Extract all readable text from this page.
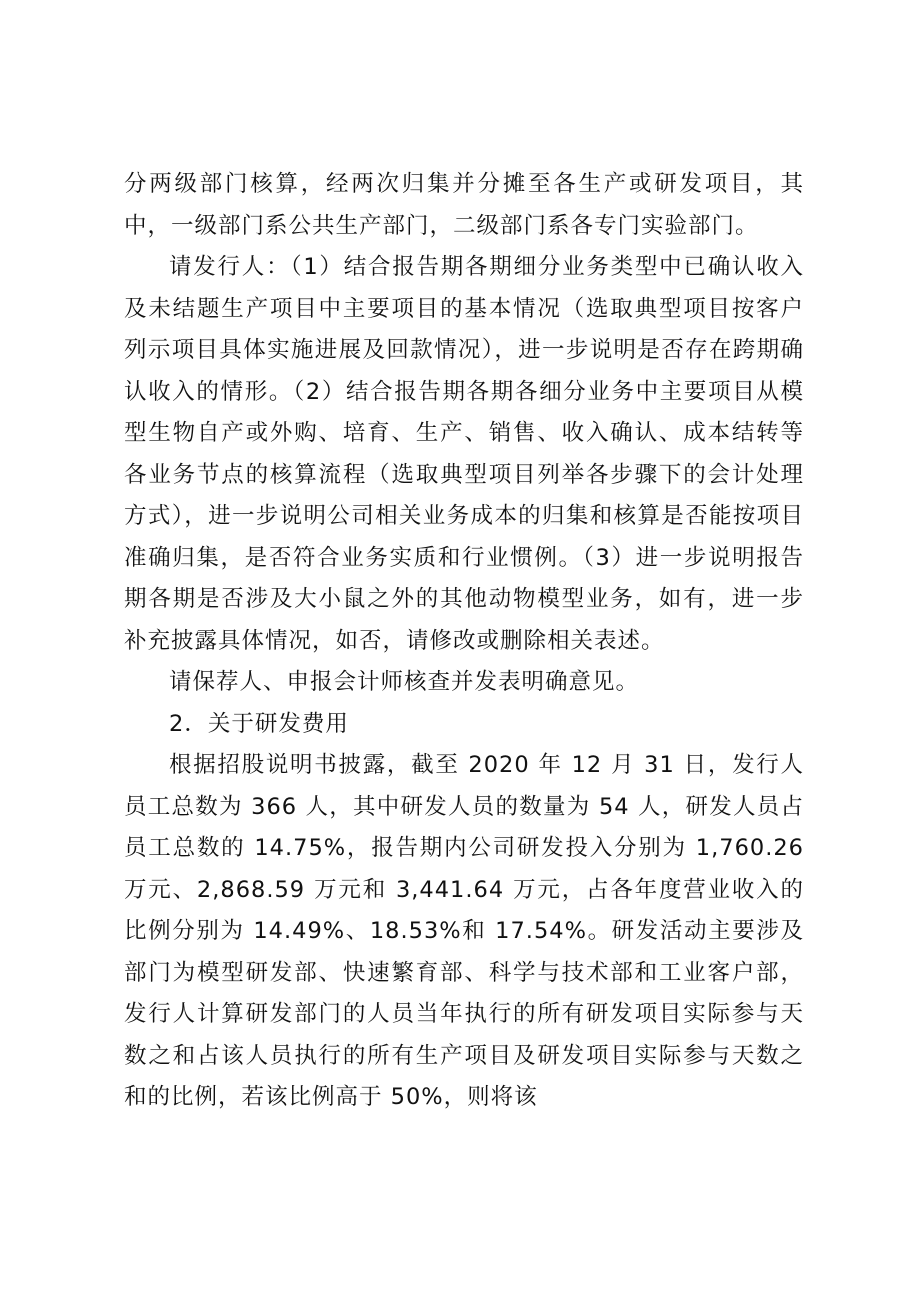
分两级部门核算，经两次归集并分摊至各生产或研发项目，其中，一级部门系公共生产部门，二级部门系各专门实验部门。

请发行人：（1）结合报告期各期细分业务类型中已确认收入及未结题生产项目中主要项目的基本情况（选取典型项目按客户列示项目具体实施进展及回款情况），进一步说明是否存在跨期确认收入的情形。（2）结合报告期各期各细分业务中主要项目从模型生物自产或外购、培育、生产、销售、收入确认、成本结转等各业务节点的核算流程（选取典型项目列举各步骤下的会计处理方式），进一步说明公司相关业务成本的归集和核算是否能按项目准确归集，是否符合业务实质和行业惯例。（3）进一步说明报告期各期是否涉及大小鼠之外的其他动物模型业务，如有，进一步补充披露具体情况，如否，请修改或删除相关表述。

请保荐人、申报会计师核查并发表明确意见。

2．关于研发费用

根据招股说明书披露，截至 2020 年 12 月 31 日，发行人员工总数为 366 人，其中研发人员的数量为 54 人，研发人员占员工总数的 14.75%，报告期内公司研发投入分别为 1,760.26 万元、2,868.59 万元和 3,441.64 万元，占各年度营业收入的比例分别为 14.49%、18.53%和 17.54%。研发活动主要涉及部门为模型研发部、快速繁育部、科学与技术部和工业客户部，发行人计算研发部门的人员当年执行的所有研发项目实际参与天数之和占该人员执行的所有生产项目及研发项目实际参与天数之和的比例，若该比例高于 50%，则将该
